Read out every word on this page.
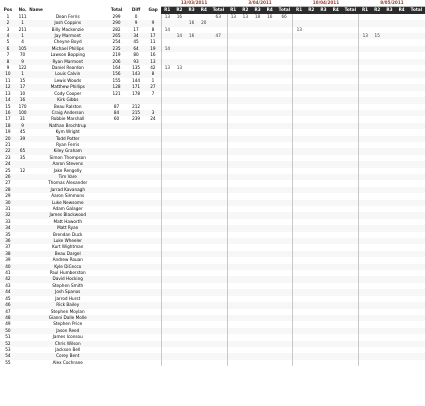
						13/03/2011					3/04/2011					10/04/2011					8/05/2011				
Pos	No.	Name	Total	Diff	Gap	R1	R2	R3	R4	Total	R1	R2	R3	R4	Total	R1	R2	R3	R4	Total	R1	R2	R3	R4	Total
1	111	Dean Ferris	299	0		13	16			63	13	13	18	16	66										
2	1	Josh Coppins	290	9	9			16	20																
3	211	Billy Mackenzie	282	17	8	14										13									
4	1	Jay Marmont	265	34	17		14	16		47											13	15			
5	4	Cheyne Boyd	254	45	11																				
6	105	Michael Phillips	235	64	19	14																			
7	70	Lawson Bopping	219	80	16																				
8	9	Ryan Marmont	206	93	13																				
9	122	Daniel Reardon	164	135	42	13	13																		
10	1	Louis Calvin	156	143	8																				
11	15	Lewis Woods	155	144	1																				
12	17	Matthew Phillips	128	171	27																				
13	10	Cody Cooper	121	178	7																				
14	16	Kirk Gibbs																							
15	170	Beau Ralston	87	212																					
16	100	Craig Anderson	84	215	3																				
17	31	Robbie Marshall	60	239	24																				
18	9	Nathan Brochtrup																							
19	45	Kym Wright																							
20	39	Todd Potter																							
21		Ryan Ferris																							
22	65	Kiley Graham																							
23	35	Simon Thompson																							
24		Aaron Stevens																							
25	12	Jake Rengelly																							
26		Tim Vare																							
27		Thomas Alexander																							
28		Jarrad Kavanagh																							
29		Aaron Simmons																							
30		Luke Newsome																							
31		Adam Galager																							
32		James Blackwood																							
33		Matt Haworth																							
34		Matt Ryan																							
35		Brendan Duck																							
36		Luke Wheeler																							
37		Kurt Wightman																							
38		Beau Dargel																							
39		Andrew Rouan																							
40		Kyle DiCecco																							
41		Paul Humberston																							
42		David Hocking																							
43		Stephen Smith																							
44		Josh Spanos																							
45		Jarrod Hurst																							
46		Rick Bailey																							
47		Stephen Moylan																							
48		Gianni Dalle Molle																							
49		Stephen Price																							
50		Jason Reed																							
51		James Iconsou																							
52		Chris Wilson																							
53		Jackson Bell																							
54		Corey Bent																							
55		Alex Cochrane																							
